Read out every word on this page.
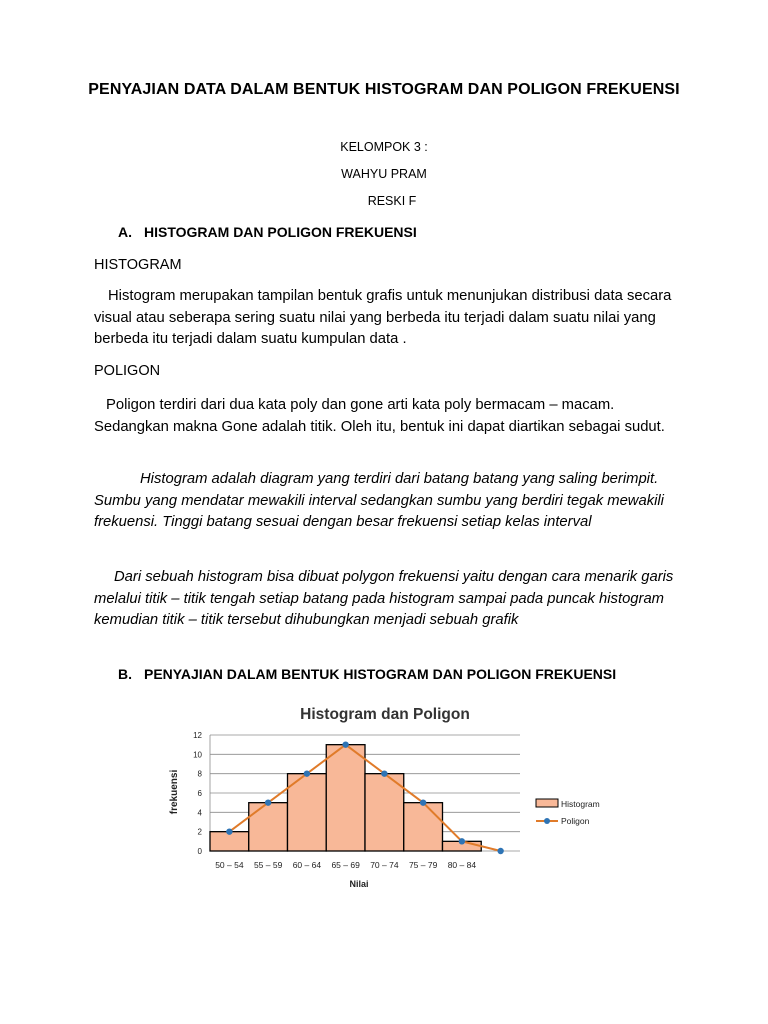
PENYAJIAN DATA DALAM BENTUK HISTOGRAM DAN POLIGON FREKUENSI
KELOMPOK 3 :
WAHYU PRAM
RESKI F
A. HISTOGRAM DAN POLIGON FREKUENSI
HISTOGRAM
Histogram merupakan tampilan bentuk grafis untuk menunjukan distribusi data secara visual atau seberapa sering suatu nilai yang berbeda itu terjadi dalam suatu nilai yang berbeda itu terjadi dalam suatu kumpulan data .
POLIGON
Poligon terdiri dari dua kata poly dan gone arti kata poly bermacam – macam. Sedangkan makna Gone adalah titik. Oleh itu, bentuk ini dapat diartikan sebagai sudut.
Histogram adalah diagram yang terdiri dari batang batang yang saling berimpit. Sumbu yang mendatar mewakili interval sedangkan sumbu yang berdiri tegak mewakili frekuensi. Tinggi batang sesuai dengan besar frekuensi setiap kelas interval
Dari sebuah histogram bisa dibuat polygon frekuensi yaitu dengan cara menarik garis melalui titik – titik tengah setiap batang pada histogram sampai pada puncak histogram kemudian titik – titik tersebut dihubungkan menjadi sebuah grafik
B. PENYAJIAN DALAM BENTUK HISTOGRAM DAN POLIGON FREKUENSI
Histogram dan Poligon
frekuensi
Nilai
0
2
4
6
8
10
12
50 – 54 55 – 59 60 – 64 65 – 69 70 – 74 75 – 79 80 – 84
Histogram
Poligon
